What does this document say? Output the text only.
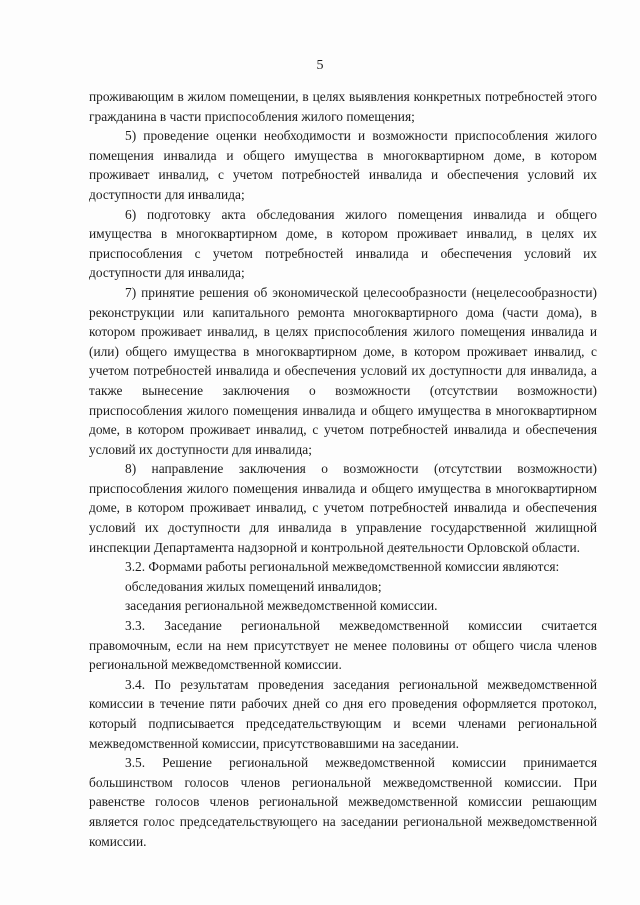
5

проживающим в жилом помещении, в целях выявления конкретных потребностей этого гражданина в части приспособления жилого помещения;

5) проведение оценки необходимости и возможности приспособления жилого помещения инвалида и общего имущества в многоквартирном доме, в котором проживает инвалид, с учетом потребностей инвалида и обеспечения условий их доступности для инвалида;

6) подготовку акта обследования жилого помещения инвалида и общего имущества в многоквартирном доме, в котором проживает инвалид, в целях их приспособления с учетом потребностей инвалида и обеспечения условий их доступности для инвалида;

7) принятие решения об экономической целесообразности (нецелесообразности) реконструкции или капитального ремонта многоквартирного дома (части дома), в котором проживает инвалид, в целях приспособления жилого помещения инвалида и (или) общего имущества в многоквартирном доме, в котором проживает инвалид, с учетом потребностей инвалида и обеспечения условий их доступности для инвалида, а также вынесение заключения о возможности (отсутствии возможности) приспособления жилого помещения инвалида и общего имущества в многоквартирном доме, в котором проживает инвалид, с учетом потребностей инвалида и обеспечения условий их доступности для инвалида;

8) направление заключения о возможности (отсутствии возможности) приспособления жилого помещения инвалида и общего имущества в многоквартирном доме, в котором проживает инвалид, с учетом потребностей инвалида и обеспечения условий их доступности для инвалида в управление государственной жилищной инспекции Департамента надзорной и контрольной деятельности Орловской области.

3.2. Формами работы региональной межведомственной комиссии являются:

обследования жилых помещений инвалидов;

заседания региональной межведомственной комиссии.

3.3. Заседание региональной межведомственной комиссии считается правомочным, если на нем присутствует не менее половины от общего числа членов региональной межведомственной комиссии.

3.4. По результатам проведения заседания региональной межведомственной комиссии в течение пяти рабочих дней со дня его проведения оформляется протокол, который подписывается председательствующим и всеми членами региональной межведомственной комиссии, присутствовавшими на заседании.

3.5. Решение региональной межведомственной комиссии принимается большинством голосов членов региональной межведомственной комиссии. При равенстве голосов членов региональной межведомственной комиссии решающим является голос председательствующего на заседании региональной межведомственной комиссии.
